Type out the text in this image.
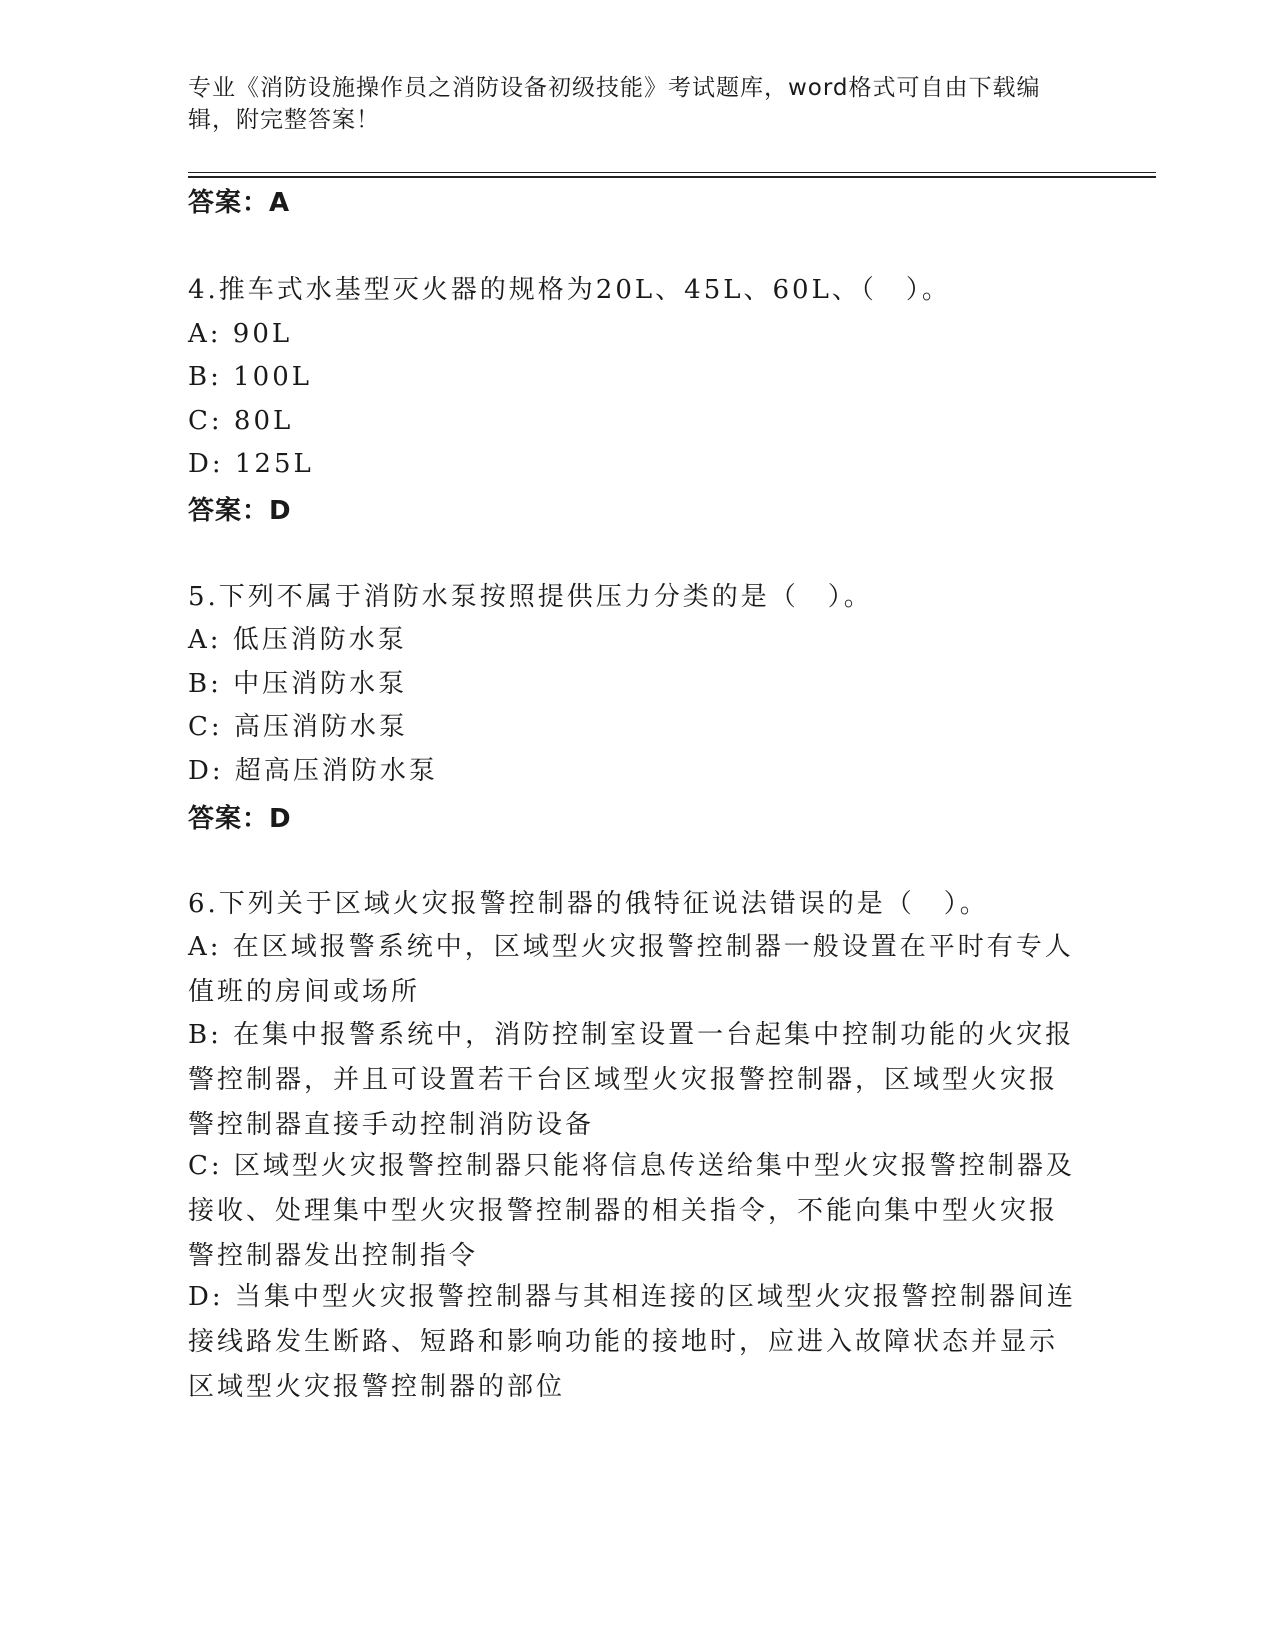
专业《消防设施操作员之消防设备初级技能》考试题库，word格式可自由下载编辑，附完整答案！
答案：A
4.推车式水基型灭火器的规格为20L、45L、60L、（　）。
A: 90L
B: 100L
C: 80L
D: 125L
答案：D
5.下列不属于消防水泵按照提供压力分类的是（　）。
A: 低压消防水泵
B: 中压消防水泵
C: 高压消防水泵
D: 超高压消防水泵
答案：D
6.下列关于区域火灾报警控制器的俄特征说法错误的是（　）。
A: 在区域报警系统中，区域型火灾报警控制器一般设置在平时有专人值班的房间或场所
B: 在集中报警系统中，消防控制室设置一台起集中控制功能的火灾报警控制器，并且可设置若干台区域型火灾报警控制器，区域型火灾报警控制器直接手动控制消防设备
C: 区域型火灾报警控制器只能将信息传送给集中型火灾报警控制器及接收、处理集中型火灾报警控制器的相关指令，不能向集中型火灾报警控制器发出控制指令
D: 当集中型火灾报警控制器与其相连接的区域型火灾报警控制器间连接线路发生断路、短路和影响功能的接地时，应进入故障状态并显示区域型火灾报警控制器的部位
